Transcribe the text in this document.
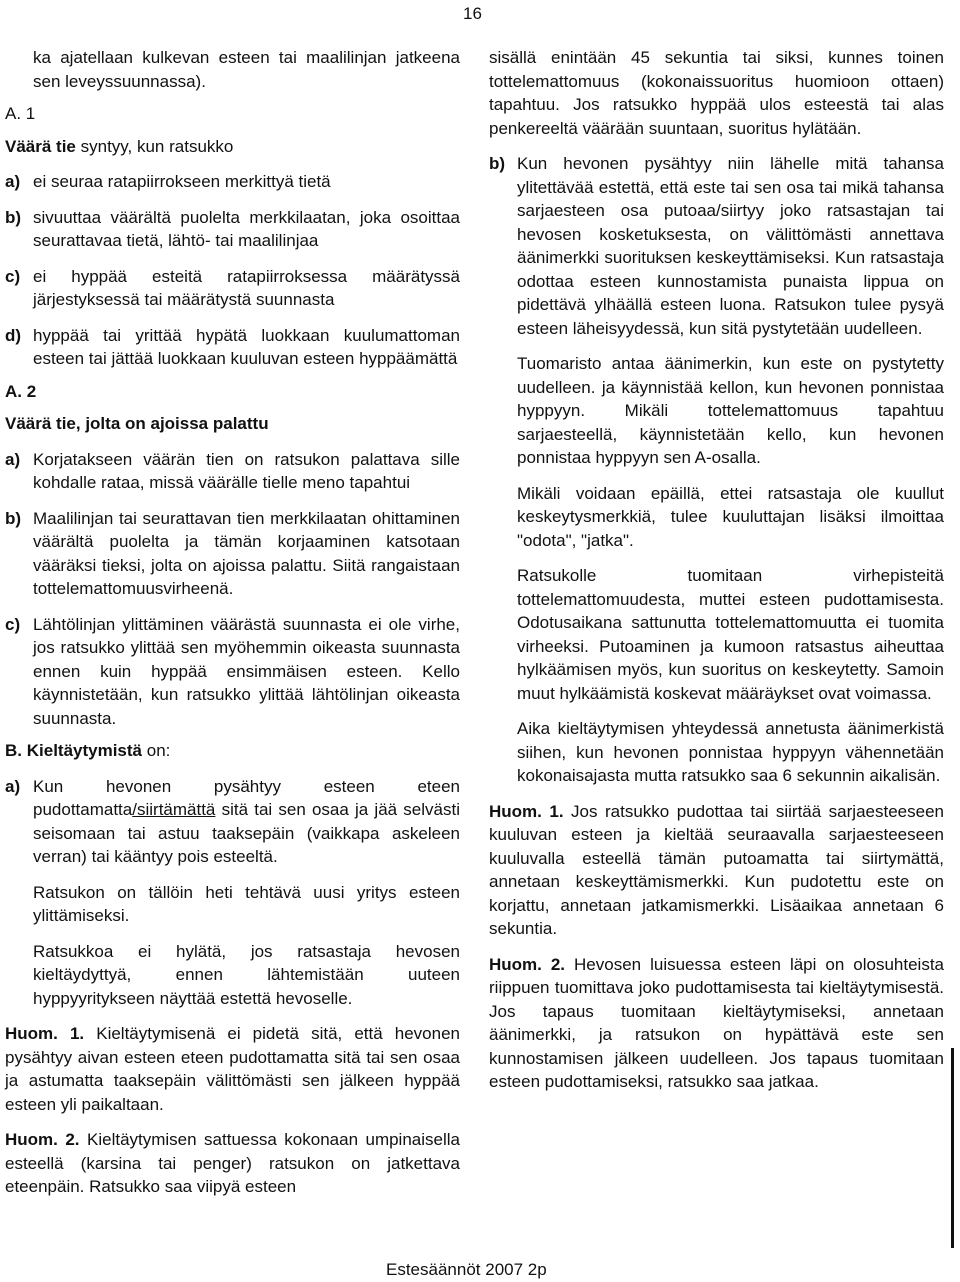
16

ka ajatellaan kulkevan esteen tai maalilinjan jatkeena sen leveyssuunnassa).

A. 1

Väärä tie syntyy, kun ratsukko

a) ei seuraa ratapiirrokseen merkittyä tietä
b) sivuuttaa väärältä puolelta merkkilaatan, joka osoittaa seurattavaa tietä, lähtö- tai maalilinjaa
c) ei hyppää esteitä ratapiirroksessa määrätyssä järjestyksessä tai määrätystä suunnasta
d) hyppää tai yrittää hypätä luokkaan kuulumattoman esteen tai jättää luokkaan kuuluvan esteen hyppäämättä

A. 2

Väärä tie, jolta on ajoissa palattu

a) Korjatakseen väärän tien on ratsukon palattava sille kohdalle rataa, missä väärälle tielle meno tapahtui
b) Maalilinjan tai seurattavan tien merkkilaatan ohittaminen väärältä puolelta ja tämän korjaaminen katsotaan vääräksi tieksi, jolta on ajoissa palattu. Siitä rangaistaan tottelemattomuusvirheenä.
c) Lähtölinjan ylittäminen väärästä suunnasta ei ole virhe, jos ratsukko ylittää sen myöhemmin oikeasta suunnasta ennen kuin hyppää ensimmäisen esteen. Kello käynnistetään, kun ratsukko ylittää lähtölinjan oikeasta suunnasta.

B. Kieltäytymistä on:

a) Kun hevonen pysähtyy esteen eteen pudottamatta/siirtämättä sitä tai sen osaa ja jää selvästi seisomaan tai astuu taaksepäin (vaikkapa askeleen verran) tai kääntyy pois esteeltä.

Ratsukon on tällöin heti tehtävä uusi yritys esteen ylittämiseksi.

Ratsukkoa ei hylätä, jos ratsastaja hevosen kieltäydyttyä, ennen lähtemistään uuteen hyppyyritykseen näyttää estettä hevoselle.

Huom. 1. Kieltäytymisenä ei pidetä sitä, että hevonen pysähtyy aivan esteen eteen pudottamatta sitä tai sen osaa ja astumatta taaksepäin välittömästi sen jälkeen hyppää esteen yli paikaltaan.

Huom. 2. Kieltäytymisen sattuessa kokonaan umpinaisella esteellä (karsina tai penger) ratsukon on jatkettava eteenpäin. Ratsukko saa viipyä esteen

sisällä enintään 45 sekuntia tai siksi, kunnes toinen tottelemattomuus (kokonaissuoritus huomioon ottaen) tapahtuu. Jos ratsukko hyppää ulos esteestä tai alas penkereeltä väärään suuntaan, suoritus hylätään.

b) Kun hevonen pysähtyy niin lähelle mitä tahansa ylitettävää estettä, että este tai sen osa tai mikä tahansa sarjaesteen osa putoaa/siirtyy joko ratsastajan tai hevosen kosketuksesta, on välittömästi annettava äänimerkki suorituksen keskeyttämiseksi. Kun ratsastaja odottaa esteen kunnostamista punaista lippua on pidettävä ylhäällä esteen luona. Ratsukon tulee pysyä esteen läheisyydessä, kun sitä pystytetään uudelleen.

Tuomaristo antaa äänimerkin, kun este on pystytetty uudelleen. ja käynnistää kellon, kun hevonen ponnistaa hyppyyn. Mikäli tottelemattomuus tapahtuu sarjaesteellä, käynnistetään kello, kun hevonen ponnistaa hyppyyn sen A-osalla.

Mikäli voidaan epäillä, ettei ratsastaja ole kuullut keskeytysmerkkiä, tulee kuuluttajan lisäksi ilmoittaa "odota", "jatka".

Ratsukolle tuomitaan virhepisteitä tottelemattomuudesta, muttei esteen pudottamisesta. Odotusaikana sattunutta tottelemattomuutta ei tuomita virheeksi. Putoaminen ja kumoon ratsastus aiheuttaa hylkäämisen myös, kun suoritus on keskeytetty. Samoin muut hylkäämistä koskevat määräykset ovat voimassa.

Aika kieltäytymisen yhteydessä annetusta äänimerkistä siihen, kun hevonen ponnistaa hyppyyn vähennetään kokonaisajasta mutta ratsukko saa 6 sekunnin aikalisän.

Huom. 1. Jos ratsukko pudottaa tai siirtää sarjaesteeseen kuuluvan esteen ja kieltää seuraavalla sarjaesteeseen kuuluvalla esteellä tämän putoamatta tai siirtymättä, annetaan keskeyttämismerkki. Kun pudotettu este on korjattu, annetaan jatkamismerkki. Lisäaikaa annetaan 6 sekuntia.

Huom. 2. Hevosen luisuessa esteen läpi on olosuhteista riippuen tuomittava joko pudottamisesta tai kieltäytymisestä. Jos tapaus tuomitaan kieltäytymiseksi, annetaan äänimerkki, ja ratsukon on hypättävä este sen kunnostamisen jälkeen uudelleen. Jos tapaus tuomitaan esteen pudottamiseksi, ratsukko saa jatkaa.

Estesäännöt 2007 2p
